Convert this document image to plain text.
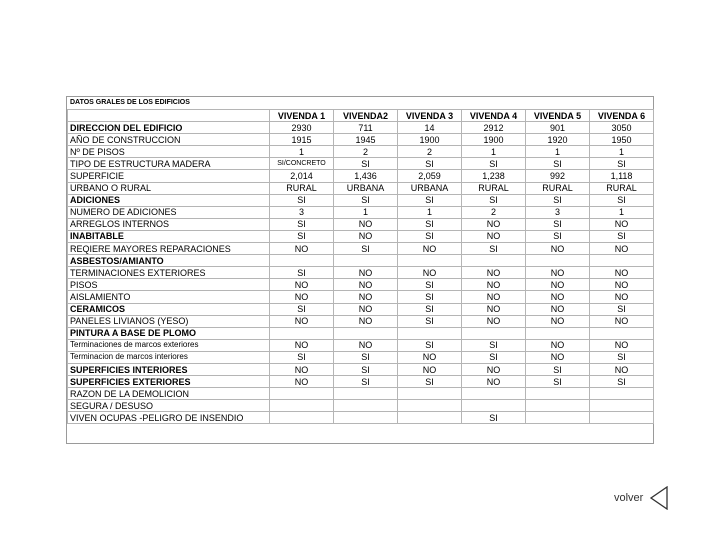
DATOS GRALES DE LOS EDIFICIOS
	VIVENDA 1	VIVENDA2	VIVENDA 3	VIVENDA 4	VIVENDA 5	VIVENDA 6
DIRECCION DEL EDIFICIO	2930	711	14	2912	901	3050
AÑO DE CONSTRUCCION	1915	1945	1900	1900	1920	1950
Nº DE PISOS	1	2	2	1	1	1
TIPO DE ESTRUCTURA MADERA	SI/CONCRETO	SI	SI	SI	SI	SI
SUPERFICIE	2,014	1,436	2,059	1,238	992	1,118
URBANO O RURAL	RURAL	URBANA	URBANA	RURAL	RURAL	RURAL
ADICIONES	SI	SI	SI	SI	SI	SI
NUMERO DE ADICIONES	3	1	1	2	3	1
ARREGLOS INTERNOS	SI	NO	SI	NO	SI	NO
INABITABLE	SI	NO	SI	NO	SI	SI
REQIERE MAYORES REPARACIONES	NO	SI	NO	SI	NO	NO
ASBESTOS/AMIANTO						
TERMINACIONES EXTERIORES	SI	NO	NO	NO	NO	NO
PISOS	NO	NO	SI	NO	NO	NO
AISLAMIENTO	NO	NO	SI	NO	NO	NO
CERAMICOS	SI	NO	SI	NO	NO	SI
PANELES LIVIANOS (YESO)	NO	NO	SI	NO	NO	NO
PINTURA A BASE DE PLOMO						
Terminaciones de marcos exteriores	NO	NO	SI	SI	NO	NO
Terminacion de marcos interiores	SI	SI	NO	SI	NO	SI
SUPERFICIES INTERIORES	NO	SI	NO	NO	SI	NO
SUPERFICIES EXTERIORES	NO	SI	SI	NO	SI	SI
RAZON DE LA DEMOLICION						
SEGURA / DESUSO						
VIVEN OCUPAS -PELIGRO DE INSENDIO				SI		
volver
